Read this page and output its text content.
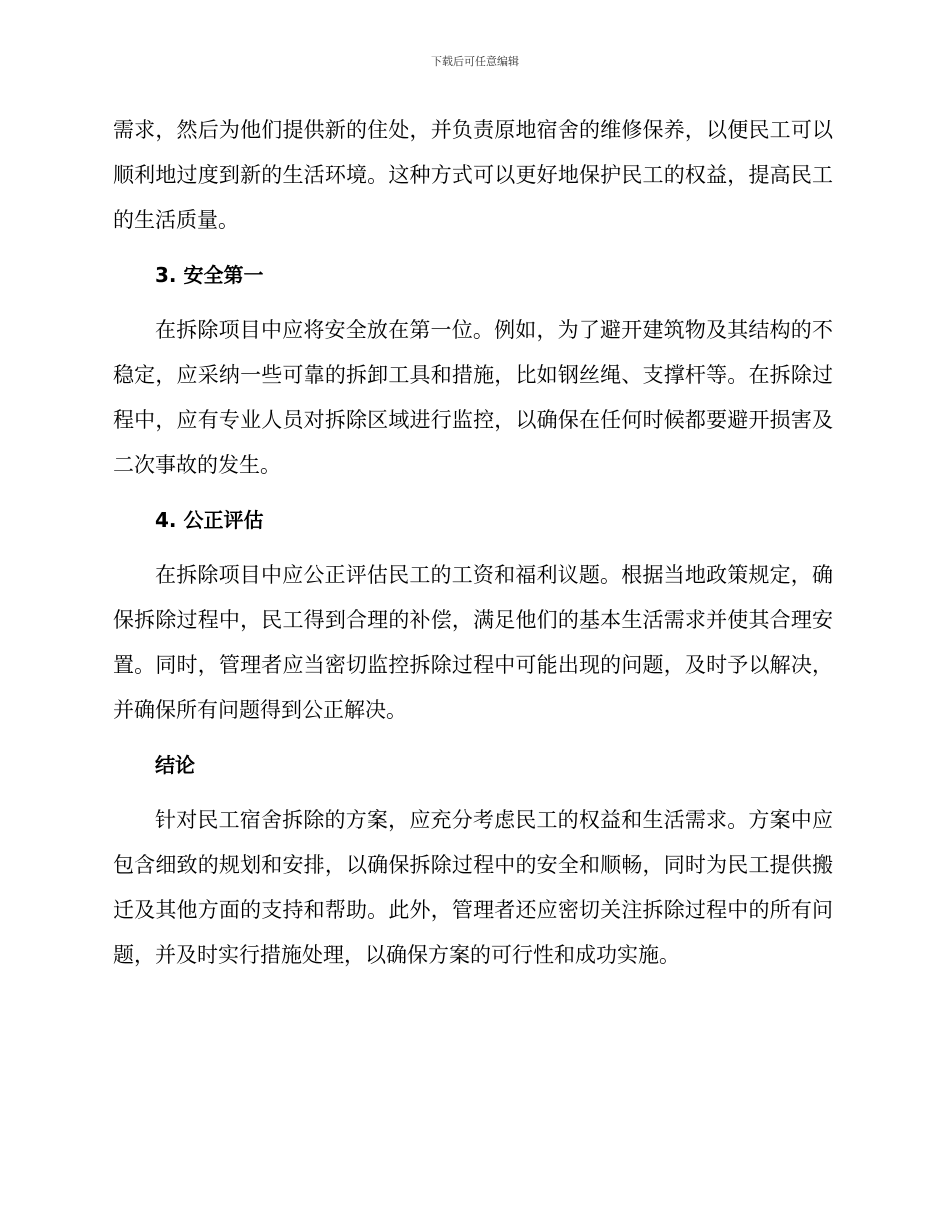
下载后可任意编辑

需求，然后为他们提供新的住处，并负责原地宿舍的维修保养，以便民工可以顺利地过度到新的生活环境。这种方式可以更好地保护民工的权益，提高民工的生活质量。

3. 安全第一

在拆除项目中应将安全放在第一位。例如，为了避开建筑物及其结构的不稳定，应采纳一些可靠的拆卸工具和措施，比如钢丝绳、支撑杆等。在拆除过程中，应有专业人员对拆除区域进行监控，以确保在任何时候都要避开损害及二次事故的发生。

4. 公正评估

在拆除项目中应公正评估民工的工资和福利议题。根据当地政策规定，确保拆除过程中，民工得到合理的补偿，满足他们的基本生活需求并使其合理安置。同时，管理者应当密切监控拆除过程中可能出现的问题，及时予以解决，并确保所有问题得到公正解决。

结论

针对民工宿舍拆除的方案，应充分考虑民工的权益和生活需求。方案中应包含细致的规划和安排，以确保拆除过程中的安全和顺畅，同时为民工提供搬迁及其他方面的支持和帮助。此外，管理者还应密切关注拆除过程中的所有问题，并及时实行措施处理，以确保方案的可行性和成功实施。
